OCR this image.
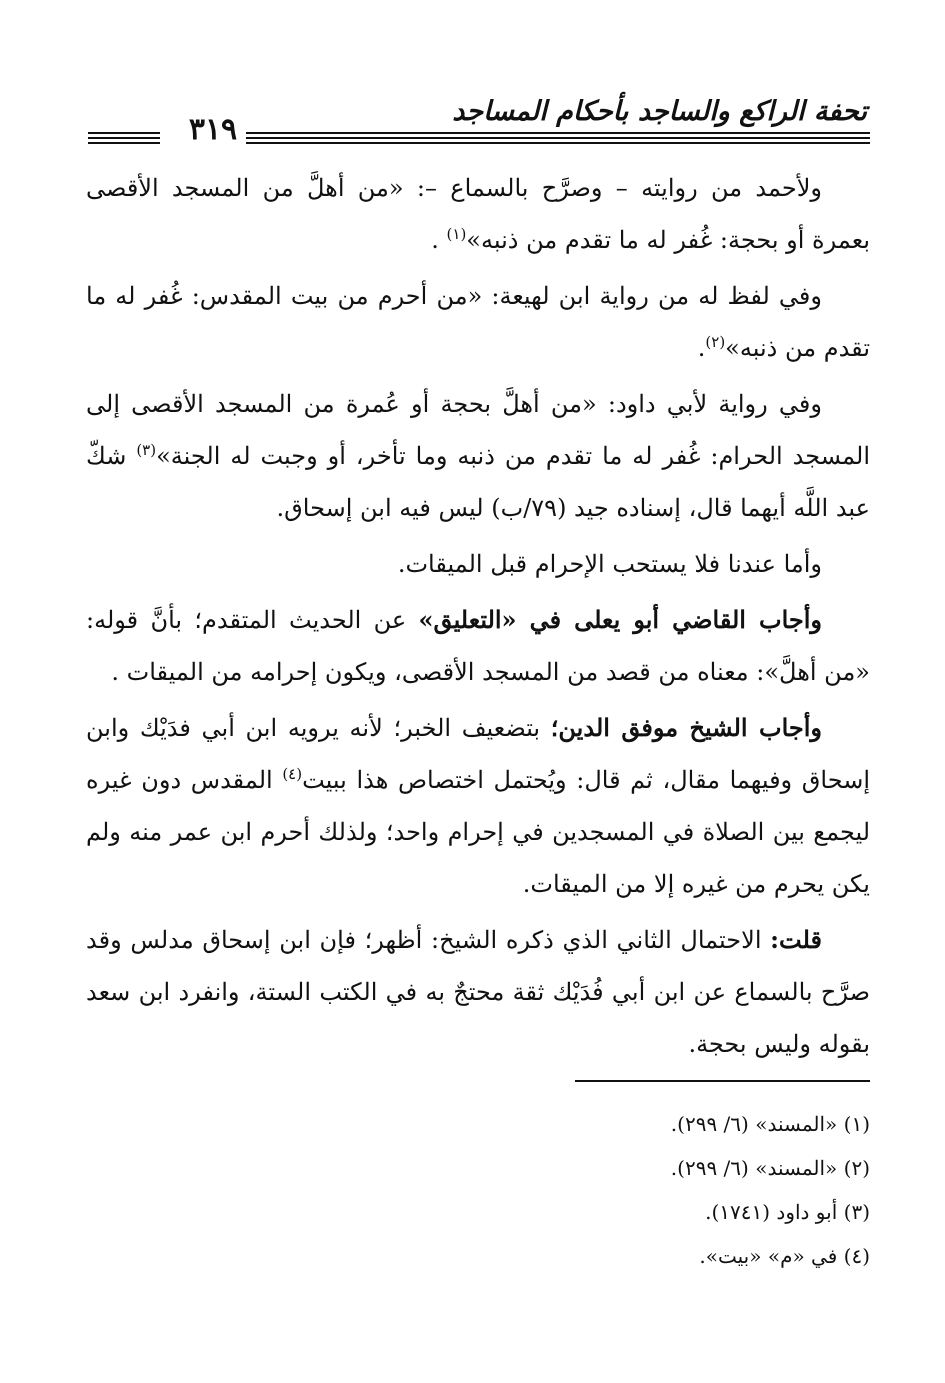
تحفة الراكع والساجد بأحكام المساجد
٣١٩

ولأحمد من روايته – وصرَّح بالسماع –: «من أهلَّ من المسجد الأقصى بعمرة أو بحجة: غُفر له ما تقدم من ذنبه»$^{(١)}$ .

وفي لفظ له من رواية ابن لهيعة: «من أحرم من بيت المقدس: غُفر له ما تقدم من ذنبه»$^{(٢)}$.

وفي رواية لأبي داود: «من أهلَّ بحجة أو عُمرة من المسجد الأقصى إلى المسجد الحرام: غُفر له ما تقدم من ذنبه وما تأخر، أو وجبت له الجنة»$^{(٣)}$ شكّ عبد اللَّه أيهما قال، إسناده جيد (٧٩/ب) ليس فيه ابن إسحاق.

وأما عندنا فلا يستحب الإحرام قبل الميقات.

وأجاب القاضي أبو يعلى في «التعليق» عن الحديث المتقدم؛ بأنَّ قوله: «من أهلَّ»: معناه من قصد من المسجد الأقصى، ويكون إحرامه من الميقات .

وأجاب الشيخ موفق الدين؛ بتضعيف الخبر؛ لأنه يرويه ابن أبي فدَيْك وابن إسحاق وفيهما مقال، ثم قال: ويُحتمل اختصاص هذا ببيت$^{(٤)}$ المقدس دون غيره ليجمع بين الصلاة في المسجدين في إحرام واحد؛ ولذلك أحرم ابن عمر منه ولم يكن يحرم من غيره إلا من الميقات.

قلت: الاحتمال الثاني الذي ذكره الشيخ: أظهر؛ فإن ابن إسحاق مدلس وقد صرَّح بالسماع عن ابن أبي فُدَيْك ثقة محتجٌ به في الكتب الستة، وانفرد ابن سعد بقوله وليس بحجة.

(١) «المسند» (٦/ ٢٩٩).
(٢) «المسند» (٦/ ٢٩٩).
(٣) أبو داود (١٧٤١).
(٤) في «م» «بيت».
